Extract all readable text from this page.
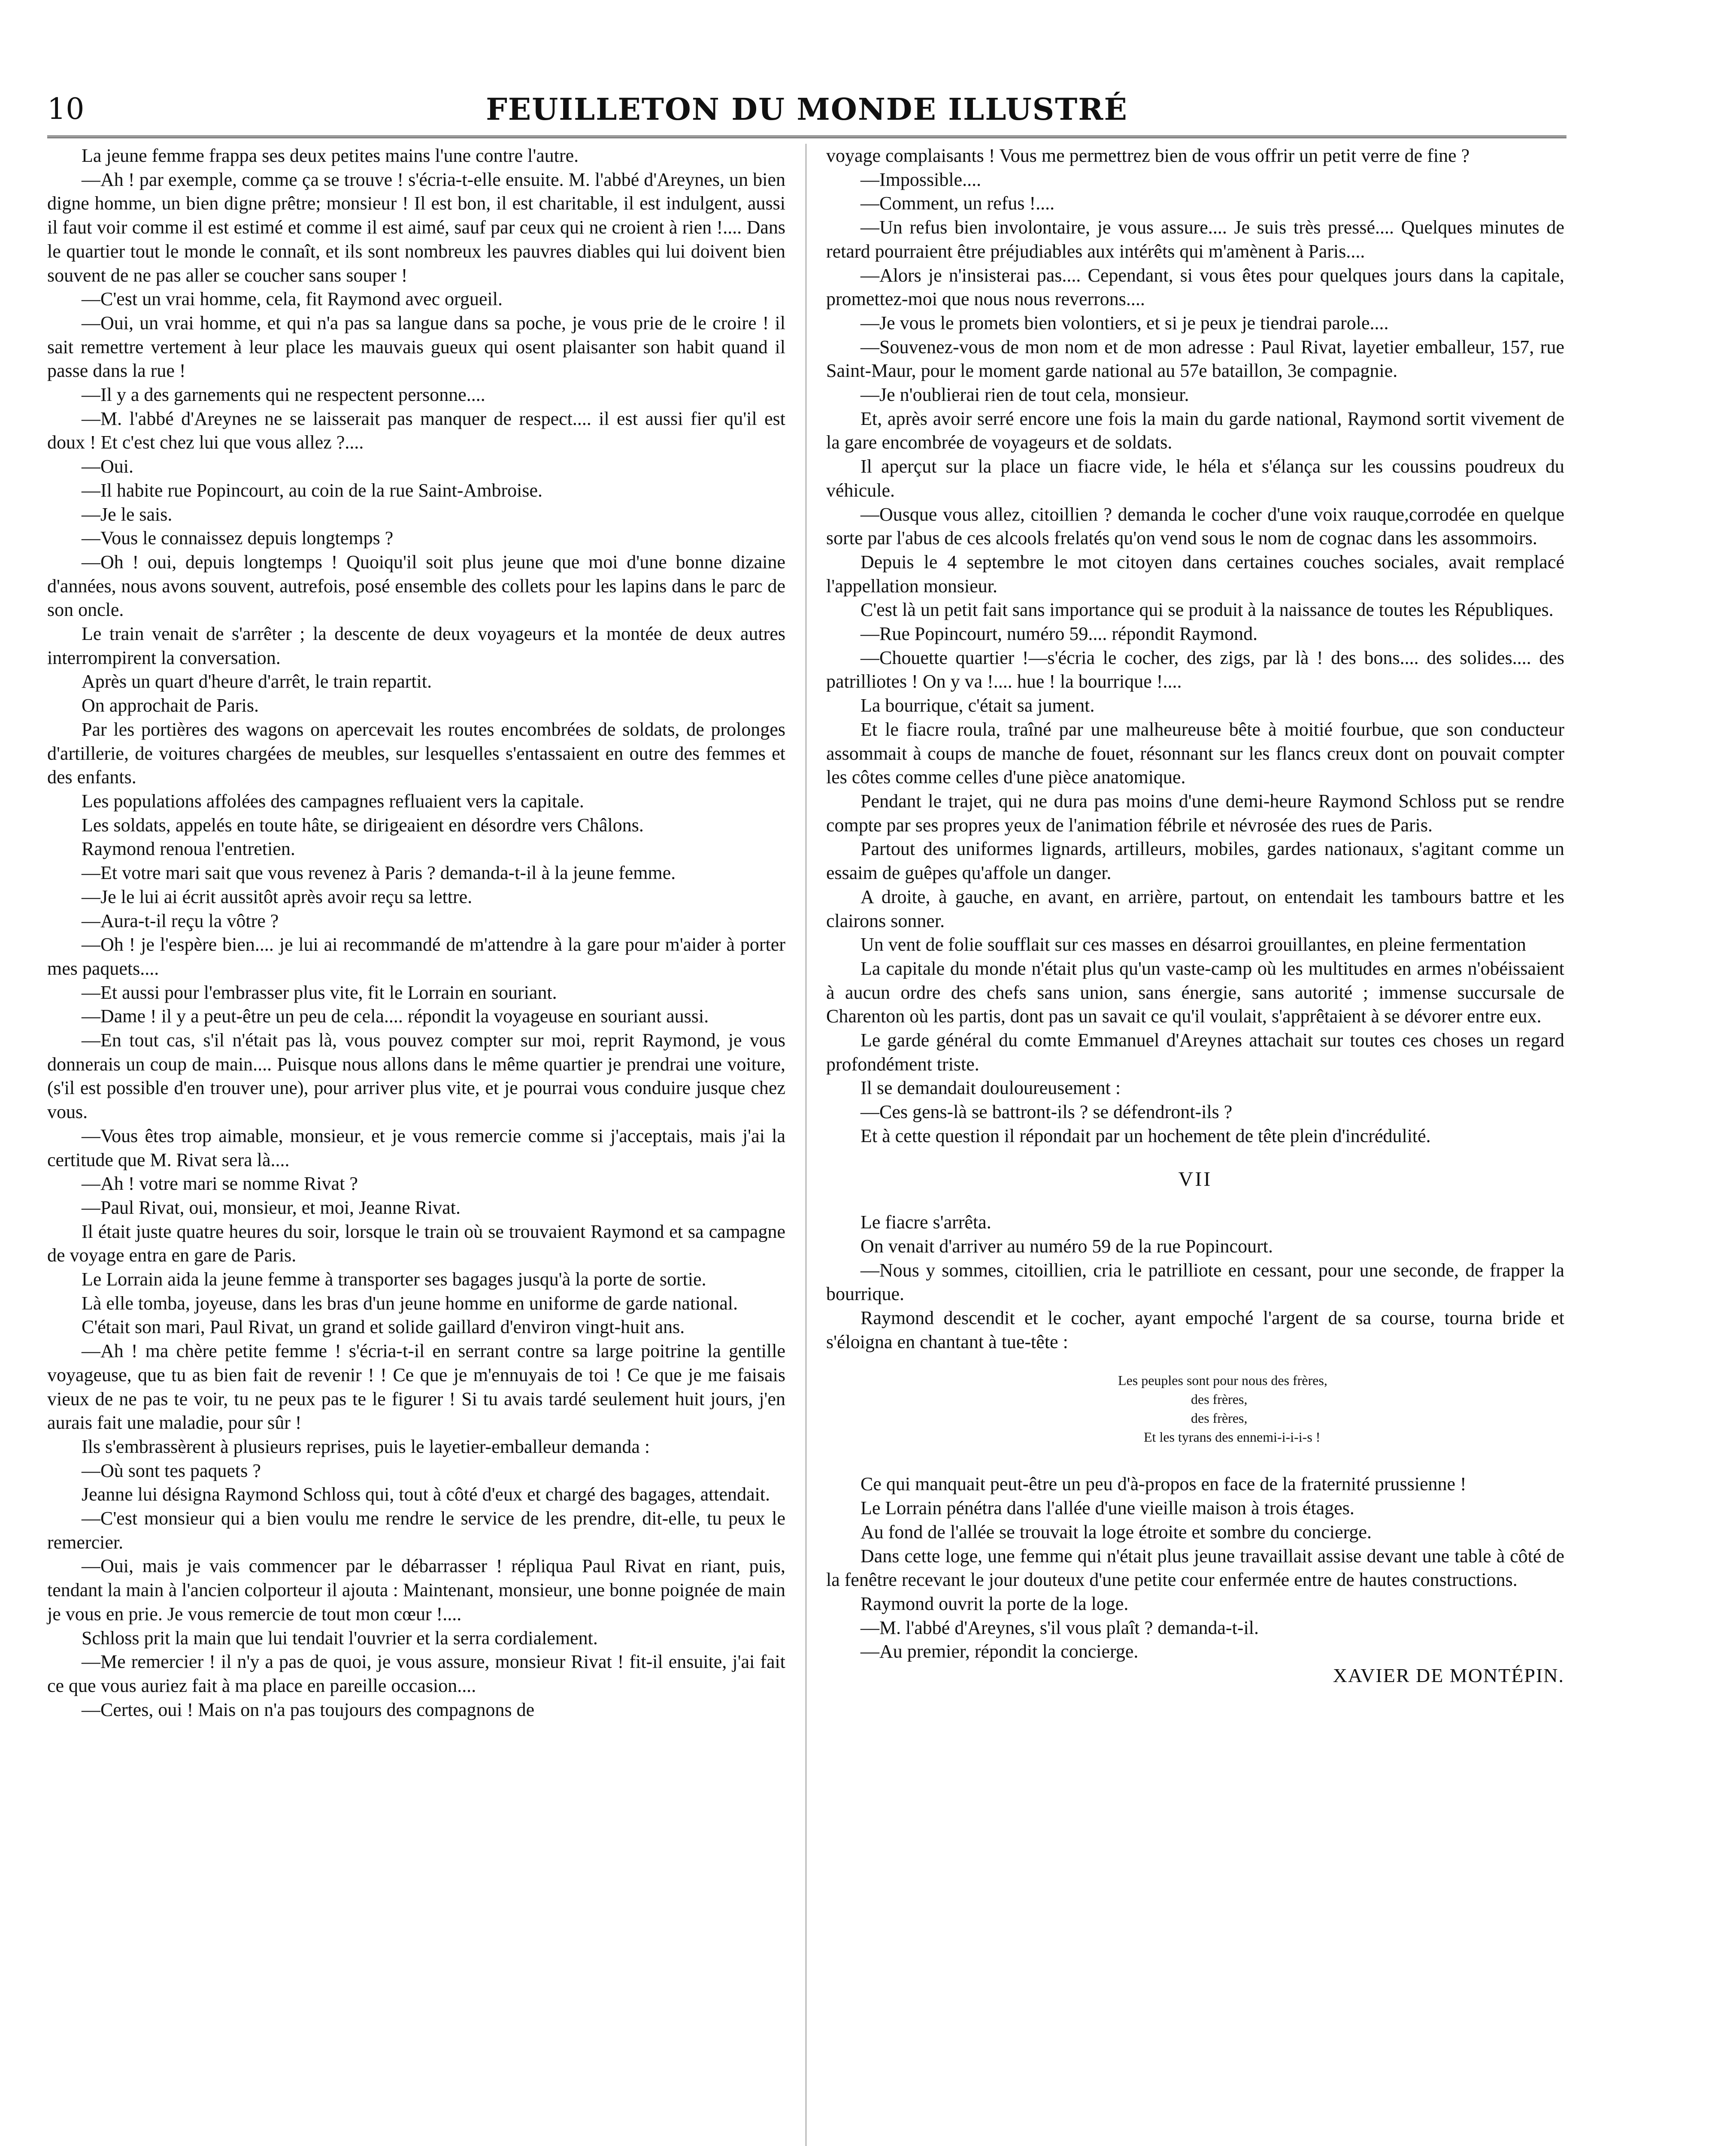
10	FEUILLETON DU MONDE ILLUSTRÉ

La jeune femme frappa ses deux petites mains l'une contre l'autre.

—Ah ! par exemple, comme ça se trouve ! s'écria-t-elle ensuite. M. l'abbé d'Areynes, un bien digne homme, un bien digne prêtre; monsieur ! Il est bon, il est charitable, il est indulgent, aussi il faut voir comme il est estimé et comme il est aimé, sauf par ceux qui ne croient à rien !.... Dans le quartier tout le monde le connaît, et ils sont nombreux les pauvres diables qui lui doivent bien souvent de ne pas aller se coucher sans souper !

—C'est un vrai homme, cela, fit Raymond avec orgueil.

—Oui, un vrai homme, et qui n'a pas sa langue dans sa poche, je vous prie de le croire ! il sait remettre vertement à leur place les mauvais gueux qui osent plaisanter son habit quand il passe dans la rue !

—Il y a des garnements qui ne respectent personne....

—M. l'abbé d'Areynes ne se laisserait pas manquer de respect.... il est aussi fier qu'il est doux ! Et c'est chez lui que vous allez ?....

—Oui.

—Il habite rue Popincourt, au coin de la rue Saint-Ambroise.

—Je le sais.

—Vous le connaissez depuis longtemps ?

—Oh ! oui, depuis longtemps ! Quoiqu'il soit plus jeune que moi d'une bonne dizaine d'années, nous avons souvent, autrefois, posé ensemble des collets pour les lapins dans le parc de son oncle.

Le train venait de s'arrêter ; la descente de deux voyageurs et la montée de deux autres interrompirent la conversation.

Après un quart d'heure d'arrêt, le train repartit.

On approchait de Paris.

Par les portières des wagons on apercevait les routes encombrées de soldats, de prolonges d'artillerie, de voitures chargées de meubles, sur lesquelles s'entassaient en outre des femmes et des enfants.

Les populations affolées des campagnes refluaient vers la capitale.

Les soldats, appelés en toute hâte, se dirigeaient en désordre vers Châlons.

Raymond renoua l'entretien.

—Et votre mari sait que vous revenez à Paris ? demanda-t-il à la jeune femme.

—Je le lui ai écrit aussitôt après avoir reçu sa lettre.

—Aura-t-il reçu la vôtre ?

—Oh ! je l'espère bien.... je lui ai recommandé de m'attendre à la gare pour m'aider à porter mes paquets....

—Et aussi pour l'embrasser plus vite, fit le Lorrain en souriant.

—Dame ! il y a peut-être un peu de cela.... répondit la voyageuse en souriant aussi.

—En tout cas, s'il n'était pas là, vous pouvez compter sur moi, reprit Raymond, je vous donnerais un coup de main.... Puisque nous allons dans le même quartier je prendrai une voiture, (s'il est possible d'en trouver une), pour arriver plus vite, et je pourrai vous conduire jusque chez vous.

—Vous êtes trop aimable, monsieur, et je vous remercie comme si j'acceptais, mais j'ai la certitude que M. Rivat sera là....

—Ah ! votre mari se nomme Rivat ?

—Paul Rivat, oui, monsieur, et moi, Jeanne Rivat.

Il était juste quatre heures du soir, lorsque le train où se trouvaient Raymond et sa campagne de voyage entra en gare de Paris.

Le Lorrain aida la jeune femme à transporter ses bagages jusqu'à la porte de sortie.

Là elle tomba, joyeuse, dans les bras d'un jeune homme en uniforme de garde national.

C'était son mari, Paul Rivat, un grand et solide gaillard d'environ vingt-huit ans.

—Ah ! ma chère petite femme ! s'écria-t-il en serrant contre sa large poitrine la gentille voyageuse, que tu as bien fait de revenir ! ! Ce que je m'ennuyais de toi ! Ce que je me faisais vieux de ne pas te voir, tu ne peux pas te le figurer ! Si tu avais tardé seulement huit jours, j'en aurais fait une maladie, pour sûr !

Ils s'embrassèrent à plusieurs reprises, puis le layetier-emballeur demanda :

—Où sont tes paquets ?

Jeanne lui désigna Raymond Schloss qui, tout à côté d'eux et chargé des bagages, attendait.

—C'est monsieur qui a bien voulu me rendre le service de les prendre, dit-elle, tu peux le remercier.

—Oui, mais je vais commencer par le débarrasser ! répliqua Paul Rivat en riant, puis, tendant la main à l'ancien colporteur il ajouta : Maintenant, monsieur, une bonne poignée de main je vous en prie. Je vous remercie de tout mon cœur !....

Schloss prit la main que lui tendait l'ouvrier et la serra cordialement.

—Me remercier ! il n'y a pas de quoi, je vous assure, monsieur Rivat ! fit-il ensuite, j'ai fait ce que vous auriez fait à ma place en pareille occasion....

—Certes, oui ! Mais on n'a pas toujours des compagnons de

voyage complaisants ! Vous me permettrez bien de vous offrir un petit verre de fine ?

—Impossible....

—Comment, un refus !....

—Un refus bien involontaire, je vous assure.... Je suis très pressé.... Quelques minutes de retard pourraient être préjudiables aux intérêts qui m'amènent à Paris....

—Alors je n'insisterai pas.... Cependant, si vous êtes pour quelques jours dans la capitale, promettez-moi que nous nous reverrons....

—Je vous le promets bien volontiers, et si je peux je tiendrai parole....

—Souvenez-vous de mon nom et de mon adresse : Paul Rivat, layetier emballeur, 157, rue Saint-Maur, pour le moment garde national au 57e bataillon, 3e compagnie.

—Je n'oublierai rien de tout cela, monsieur.

Et, après avoir serré encore une fois la main du garde national, Raymond sortit vivement de la gare encombrée de voyageurs et de soldats.

Il aperçut sur la place un fiacre vide, le héla et s'élança sur les coussins poudreux du véhicule.

—Ousque vous allez, citoillien ? demanda le cocher d'une voix rauque,corrodée en quelque sorte par l'abus de ces alcools frelatés qu'on vend sous le nom de cognac dans les assommoirs.

Depuis le 4 septembre le mot citoyen dans certaines couches sociales, avait remplacé l'appellation monsieur.

C'est là un petit fait sans importance qui se produit à la naissance de toutes les Républiques.

—Rue Popincourt, numéro 59.... répondit Raymond.

—Chouette quartier !—s'écria le cocher, des zigs, par là ! des bons.... des solides.... des patrilliotes ! On y va !.... hue ! la bourrique !....

La bourrique, c'était sa jument.

Et le fiacre roula, traîné par une malheureuse bête à moitié fourbue, que son conducteur assommait à coups de manche de fouet, résonnant sur les flancs creux dont on pouvait compter les côtes comme celles d'une pièce anatomique.

Pendant le trajet, qui ne dura pas moins d'une demi-heure Raymond Schloss put se rendre compte par ses propres yeux de l'animation fébrile et névrosée des rues de Paris.

Partout des uniformes lignards, artilleurs, mobiles, gardes nationaux, s'agitant comme un essaim de guêpes qu'affole un danger.

A droite, à gauche, en avant, en arrière, partout, on entendait les tambours battre et les clairons sonner.

Un vent de folie soufflait sur ces masses en désarroi grouillantes, en pleine fermentation

La capitale du monde n'était plus qu'un vaste-camp où les multitudes en armes n'obéissaient à aucun ordre des chefs sans union, sans énergie, sans autorité ; immense succursale de Charenton où les partis, dont pas un savait ce qu'il voulait, s'apprêtaient à se dévorer entre eux.

Le garde général du comte Emmanuel d'Areynes attachait sur toutes ces choses un regard profondément triste.

Il se demandait douloureusement :

—Ces gens-là se battront-ils ? se défendront-ils ?

Et à cette question il répondait par un hochement de tête plein d'incrédulité.

VII

Le fiacre s'arrêta.

On venait d'arriver au numéro 59 de la rue Popincourt.

—Nous y sommes, citoillien, cria le patrilliote en cessant, pour une seconde, de frapper la bourrique.

Raymond descendit et le cocher, ayant empoché l'argent de sa course, tourna bride et s'éloigna en chantant à tue-tête :

Les peuples sont pour nous des frères,
des frères,
des frères,
Et les tyrans des ennemi-i-i-i-s !

Ce qui manquait peut-être un peu d'à-propos en face de la fraternité prussienne !

Le Lorrain pénétra dans l'allée d'une vieille maison à trois étages.

Au fond de l'allée se trouvait la loge étroite et sombre du concierge.

Dans cette loge, une femme qui n'était plus jeune travaillait assise devant une table à côté de la fenêtre recevant le jour douteux d'une petite cour enfermée entre de hautes constructions.

Raymond ouvrit la porte de la loge.

—M. l'abbé d'Areynes, s'il vous plaît ? demanda-t-il.

—Au premier, répondit la concierge.

XAVIER DE MONTÉPIN.
